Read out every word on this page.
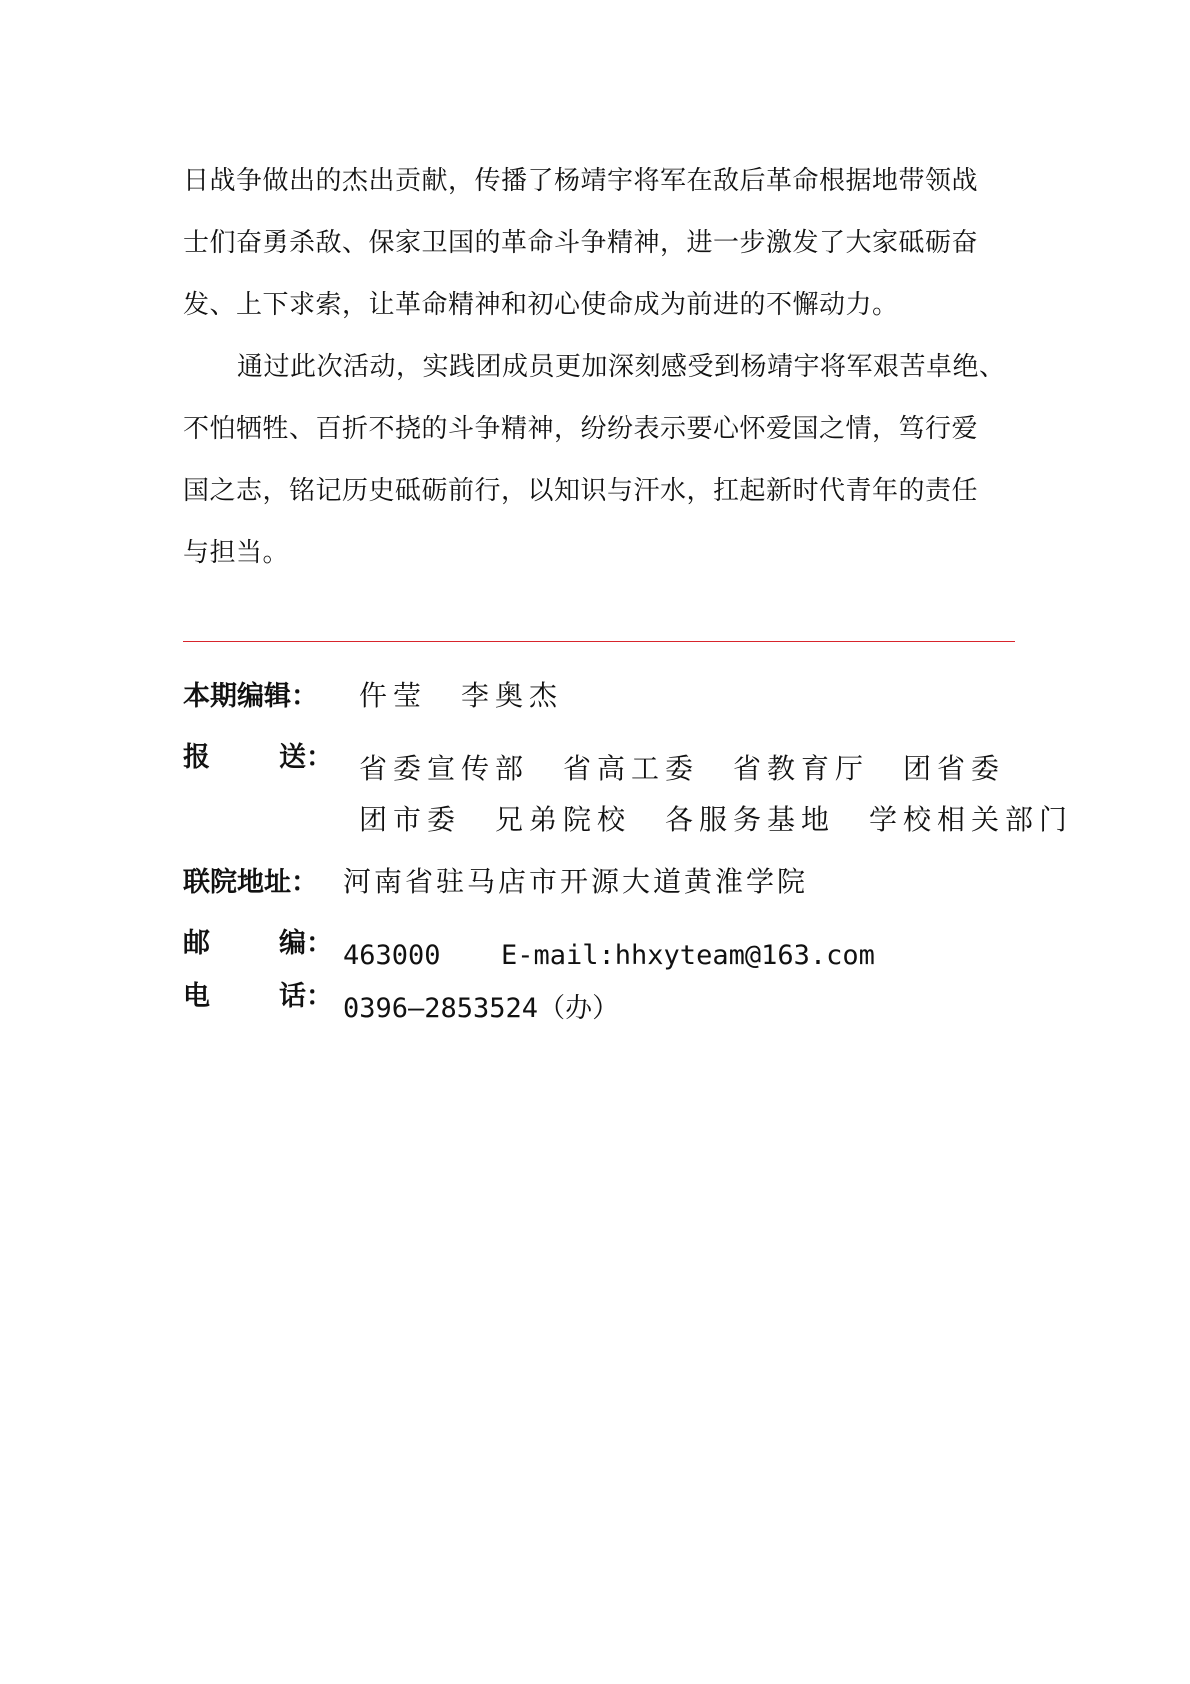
日战争做出的杰出贡献，传播了杨靖宇将军在敌后革命根据地带领战
士们奋勇杀敌、保家卫国的革命斗争精神，进一步激发了大家砥砺奋
发、上下求索，让革命精神和初心使命成为前进的不懈动力。
通过此次活动，实践团成员更加深刻感受到杨靖宇将军艰苦卓绝、
不怕牺牲、百折不挠的斗争精神，纷纷表示要心怀爱国之情，笃行爱
国之志，铭记历史砥砺前行，以知识与汗水，扛起新时代青年的责任
与担当。
本期编辑： 仵莹　李奥杰
报	送： 省委宣传部　省高工委　省教育厅　团省委
团市委　兄弟院校　各服务基地　学校相关部门
联院地址： 河南省驻马店市开源大道黄淮学院
邮	编： 463000 E-mail:hhxyteam@163.com
电	话： 0396—2853524（办）
